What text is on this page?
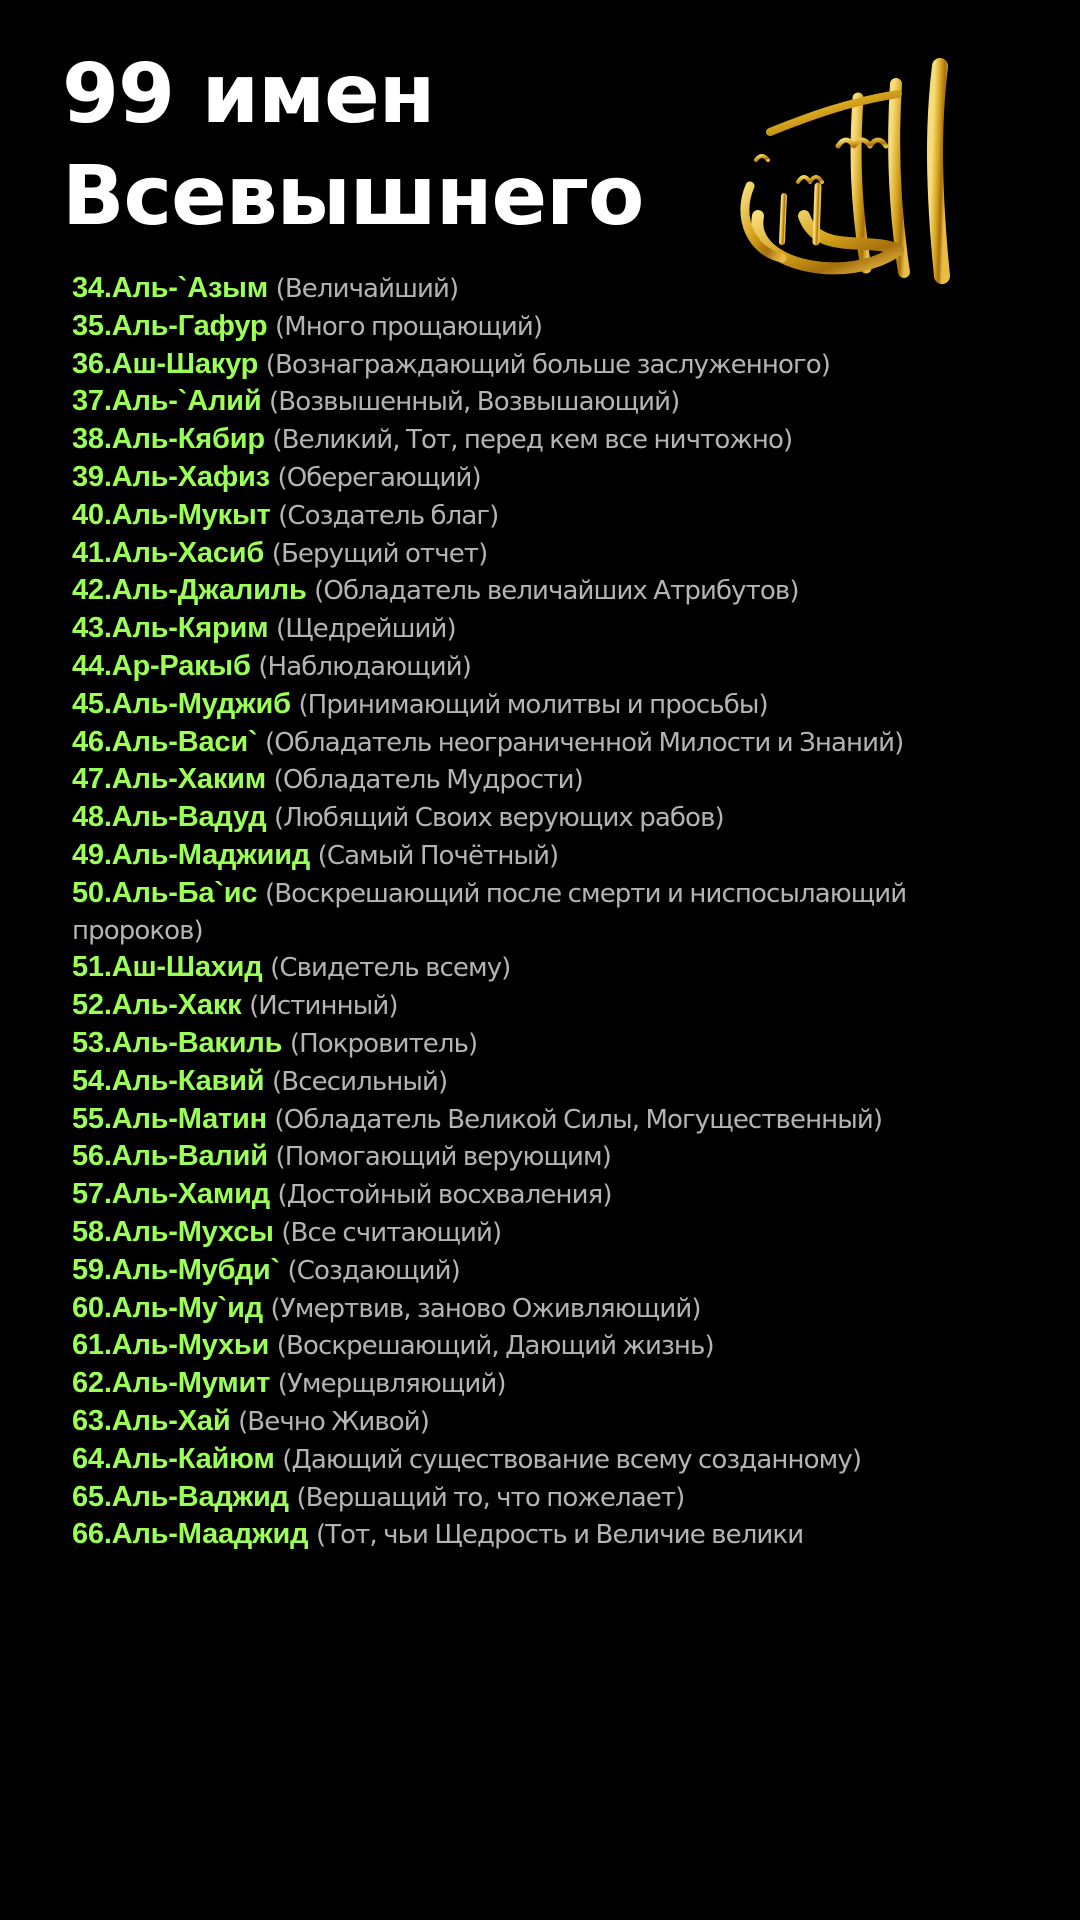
99 имен
Всевышнего
34.Аль-`Азым (Величайший)
35.Аль-Гафур (Много прощающий)
36.Аш-Шакур (Вознаграждающий больше заслуженного)
37.Аль-`Алий (Возвышенный, Возвышающий)
38.Аль-Кябир (Великий, Тот, перед кем все ничтожно)
39.Аль-Хафиз (Оберегающий)
40.Аль-Мукыт (Создатель благ)
41.Аль-Хасиб (Берущий отчет)
42.Аль-Джалиль (Обладатель величайших Атрибутов)
43.Аль-Кярим (Щедрейший)
44.Ар-Ракыб (Наблюдающий)
45.Аль-Муджиб (Принимающий молитвы и просьбы)
46.Аль-Васи` (Обладатель неограниченной Милости и Знаний)
47.Аль-Хаким (Обладатель Мудрости)
48.Аль-Вадуд (Любящий Своих верующих рабов)
49.Аль-Маджиид (Самый Почётный)
50.Аль-Ба`ис (Воскрешающий после смерти и ниспосылающий пророков)
51.Аш-Шахид (Свидетель всему)
52.Аль-Хакк (Истинный)
53.Аль-Вакиль (Покровитель)
54.Аль-Кавий (Всесильный)
55.Аль-Матин (Обладатель Великой Силы, Могущественный)
56.Аль-Валий (Помогающий верующим)
57.Аль-Хамид (Достойный восхваления)
58.Аль-Мухсы (Все считающий)
59.Аль-Мубди` (Создающий)
60.Аль-Му`ид (Умертвив, заново Оживляющий)
61.Аль-Мухьи (Воскрешающий, Дающий жизнь)
62.Аль-Мумит (Умерщвляющий)
63.Аль-Хай (Вечно Живой)
64.Аль-Кайюм (Дающий существование всему созданному)
65.Аль-Ваджид (Вершащий то, что пожелает)
66.Аль-Мааджид (Тот, чьи Щедрость и Величие велики
